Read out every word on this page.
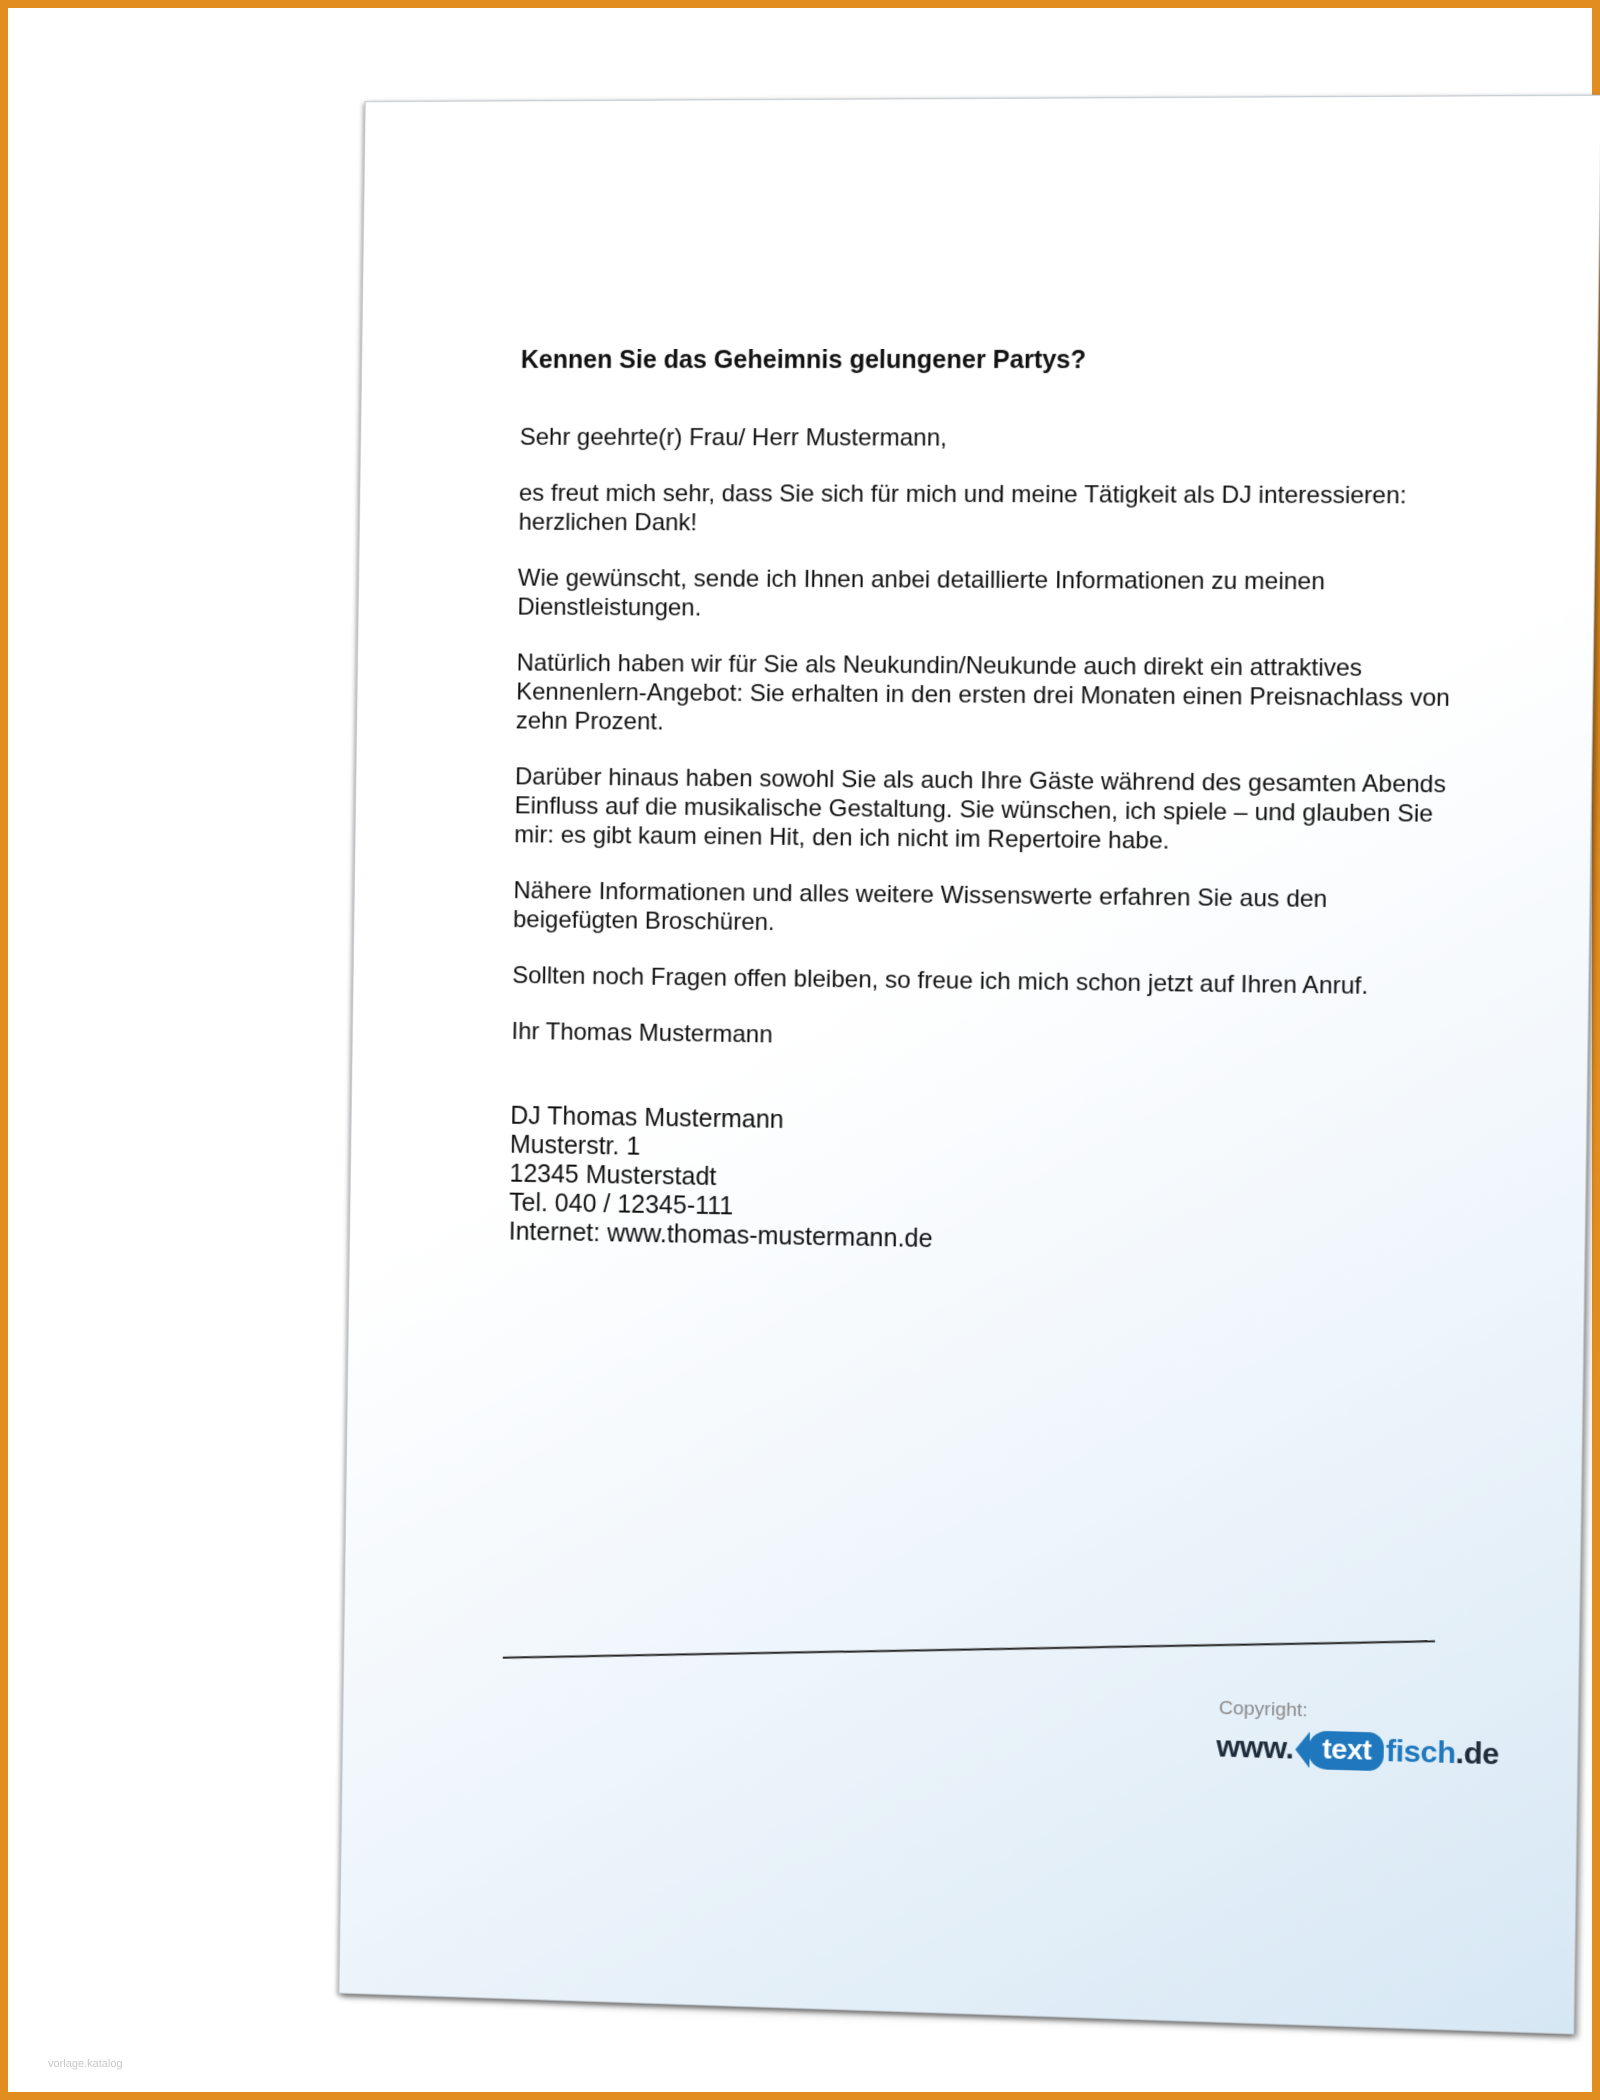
Kennen Sie das Geheimnis gelungener Partys?
Sehr geehrte(r) Frau/ Herr Mustermann,
es freut mich sehr, dass Sie sich für mich und meine Tätigkeit als DJ interessieren: herzlichen Dank!
Wie gewünscht, sende ich Ihnen anbei detaillierte Informationen zu meinen Dienstleistungen.
Natürlich haben wir für Sie als Neukundin/Neukunde auch direkt ein attraktives Kennenlern-Angebot: Sie erhalten in den ersten drei Monaten einen Preisnachlass von zehn Prozent.
Darüber hinaus haben sowohl Sie als auch Ihre Gäste während des gesamten Abends Einfluss auf die musikalische Gestaltung. Sie wünschen, ich spiele – und glauben Sie mir: es gibt kaum einen Hit, den ich nicht im Repertoire habe.
Nähere Informationen und alles weitere Wissenswerte erfahren Sie aus den beigefügten Broschüren.
Sollten noch Fragen offen bleiben, so freue ich mich schon jetzt auf Ihren Anruf.
Ihr Thomas Mustermann
DJ Thomas Mustermann
Musterstr. 1
12345 Musterstadt
Tel. 040 / 12345-111
Internet: www.thomas-mustermann.de
Copyright:
www.	text fisch .de
vorlage.katalog
